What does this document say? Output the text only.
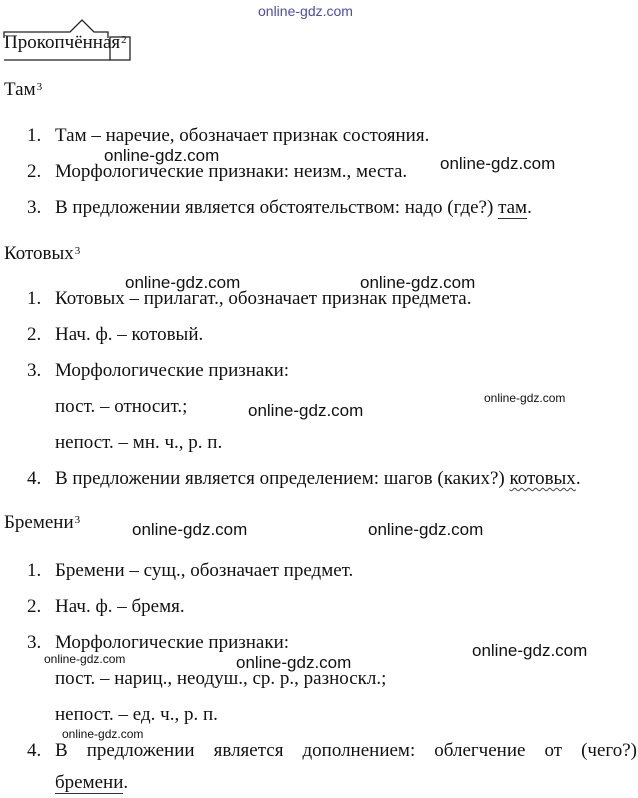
online-gdz.com
Прокопчённая$^2$
Там$^3$
1. Там – наречие, обозначает признак состояния.
2. Морфологические признаки: неизм., места.
3. В предложении является обстоятельством: надо (где?) там.
Котовых$^3$
1. Котовых – прилагат., обозначает признак предмета.
2. Нач. ф. – котовый.
3. Морфологические признаки:
пост. – относит.;
непост. – мн. ч., р. п.
4. В предложении является определением: шагов (каких?) котовых.
Бремени$^3$
1. Бремени – сущ., обозначает предмет.
2. Нач. ф. – бремя.
3. Морфологические признаки:
пост. – нариц., неодуш., ср. р., разноскл.;
непост. – ед. ч., р. п.
4. В предложении является дополнением: облегчение от (чего?)
бремени.
online-gdz.com	online-gdz.com
online-gdz.com	online-gdz.com
online-gdz.com
online-gdz.com
online-gdz.com	online-gdz.com
online-gdz.com
online-gdz.com	online-gdz.com
online-gdz.com
